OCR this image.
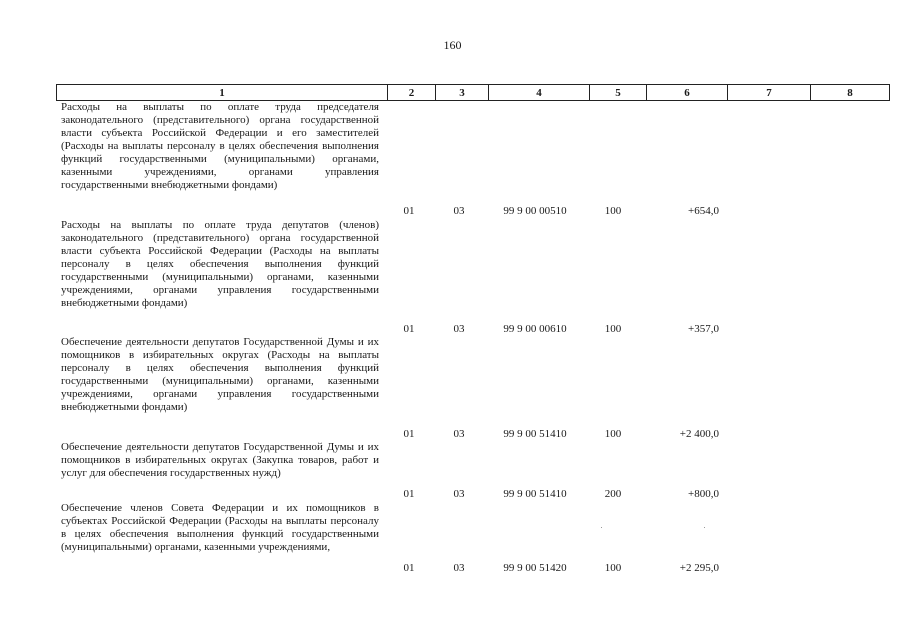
160
1	2	3	4	5	6	7	8
Расходы на выплаты по оплате труда председателя законодательного (представительного) органа государственной власти субъекта Российской Федерации и его заместителей (Расходы на выплаты персоналу в целях обеспечения выполнения функций государственными (муниципальными) органами, казенными учреждениями, органами управления государственными внебюджетными фондами)
01	03	99 9 00 00510	100	+654,0
Расходы на выплаты по оплате труда депутатов (членов) законодательного (представительного) органа государственной власти субъекта Российской Федерации (Расходы на выплаты персоналу в целях обеспечения выполнения функций государственными (муниципальными) органами, казенными учреждениями, органами управления государственными внебюджетными фондами)
01	03	99 9 00 00610	100	+357,0
Обеспечение деятельности депутатов Государственной Думы и их помощников в избирательных округах (Расходы на выплаты персоналу в целях обеспечения выполнения функций государственными (муниципальными) органами, казенными учреждениями, органами управления государственными внебюджетными фондами)
01	03	99 9 00 51410	100	+2 400,0
Обеспечение деятельности депутатов Государственной Думы и их помощников в избирательных округах (Закупка товаров, работ и услуг для обеспечения государственных нужд)
01	03	99 9 00 51410	200	+800,0
Обеспечение членов Совета Федерации и их помощников в субъектах Российской Федерации (Расходы на выплаты персоналу в целях обеспечения выполнения функций государственными (муниципальными) органами, казенными учреждениями,
01	03	99 9 00 51420	100	+2 295,0
